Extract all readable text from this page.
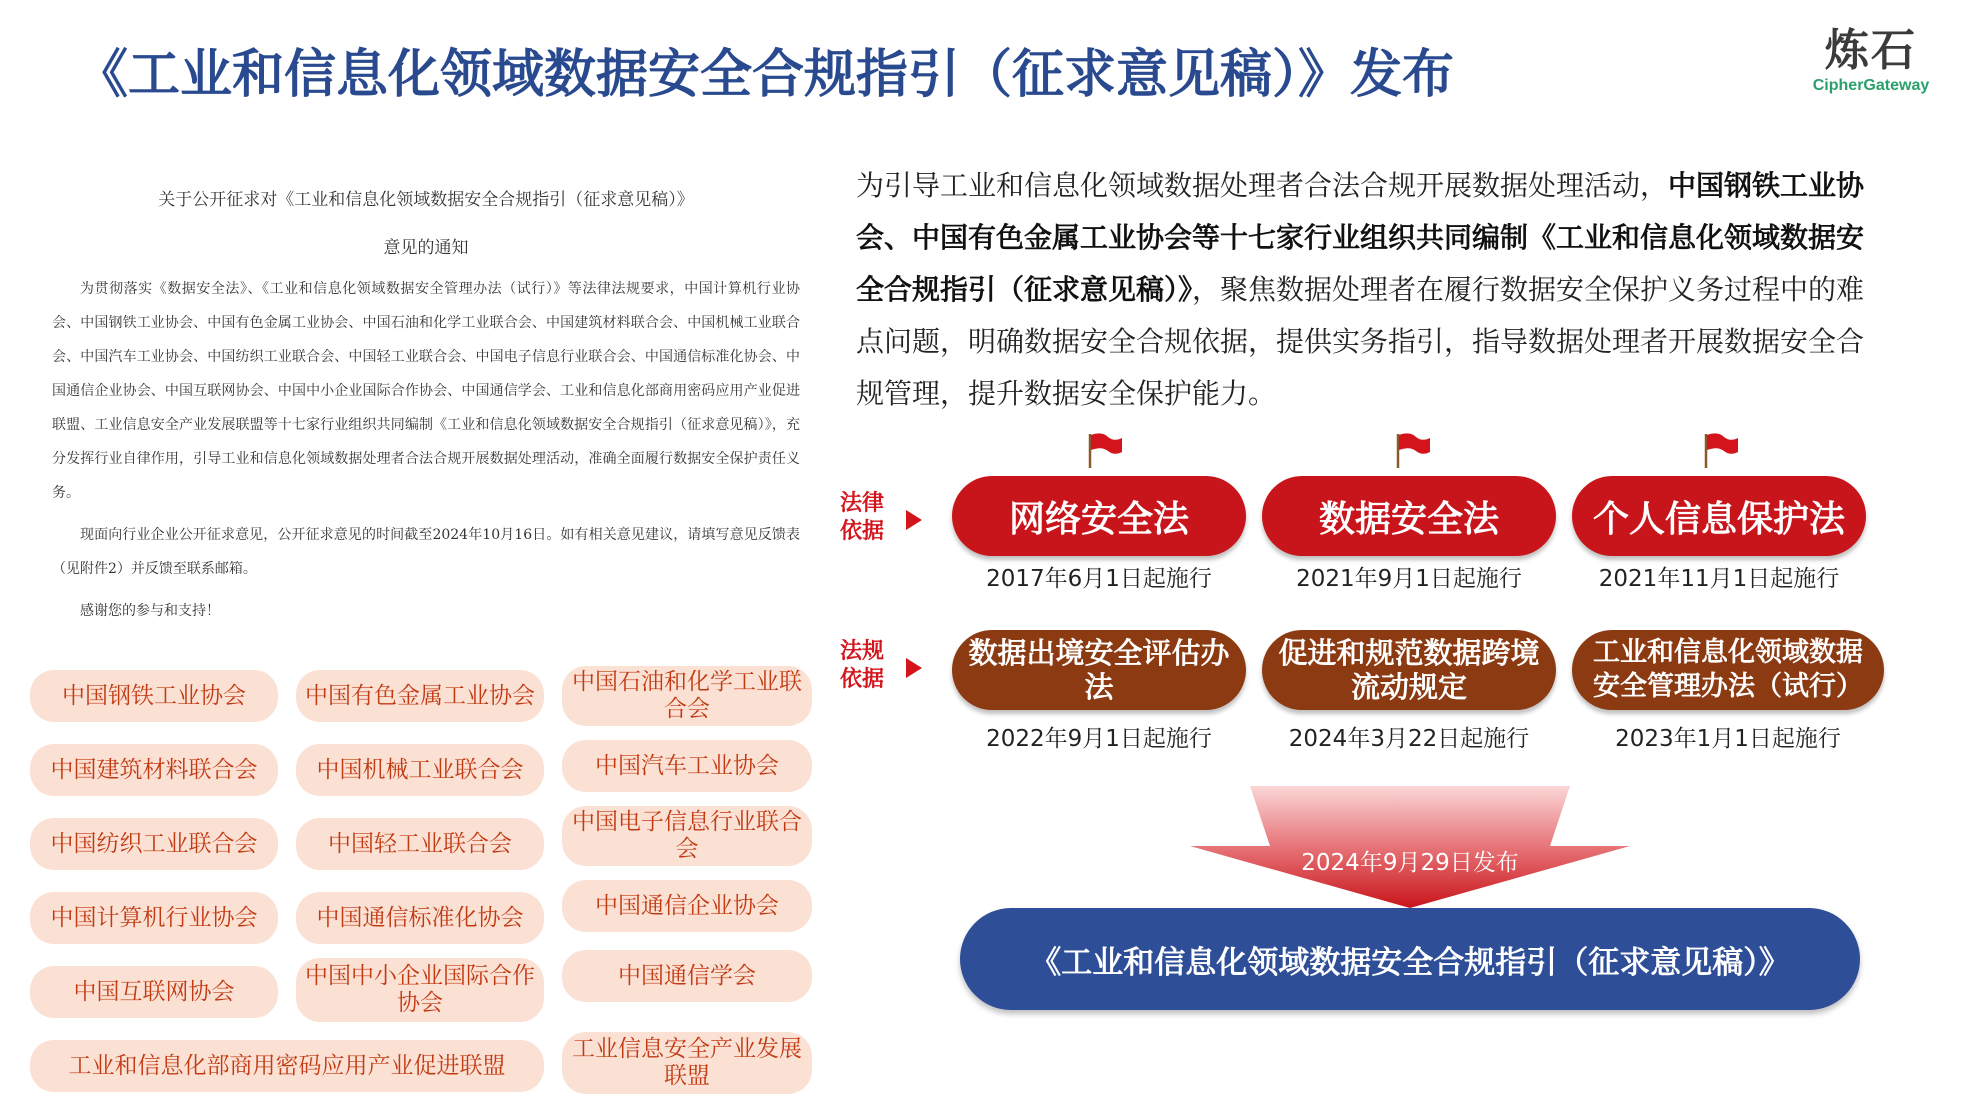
《工业和信息化领域数据安全合规指引（征求意见稿）》发布	炼石
CipherGateway
关于公开征求对《工业和信息化领域数据安全合规指引（征求意见稿）》
意见的通知
为贯彻落实《数据安全法》、《工业和信息化领域数据安全管理办法（试行）》等法律法规要求，中国计算机行业协会、中国钢铁工业协会、中国有色金属工业协会、中国石油和化学工业联合会、中国建筑材料联合会、中国机械工业联合会、中国汽车工业协会、中国纺织工业联合会、中国轻工业联合会、中国电子信息行业联合会、中国通信标准化协会、中国通信企业协会、中国互联网协会、中国中小企业国际合作协会、中国通信学会、工业和信息化部商用密码应用产业促进联盟、工业信息安全产业发展联盟等十七家行业组织共同编制《工业和信息化领域数据安全合规指引（征求意见稿）》，充分发挥行业自律作用，引导工业和信息化领域数据处理者合法合规开展数据处理活动，准确全面履行数据安全保护责任义务。
现面向行业企业公开征求意见，公开征求意见的时间截至2024年10月16日。如有相关意见建议，请填写意见反馈表（见附件2）并反馈至联系邮箱。
感谢您的参与和支持！
中国钢铁工业协会	中国有色金属工业协会
中国石油和化学工业联合会
中国建筑材料联合会	中国机械工业联合会	中国汽车工业协会
中国纺织工业联合会	中国轻工业联合会
中国电子信息行业联合会
中国计算机行业协会	中国通信标准化协会	中国通信企业协会
中国互联网协会
中国中小企业国际合作协会
中国通信学会
工业和信息化部商用密码应用产业促进联盟
工业信息安全产业发展联盟
为引导工业和信息化领域数据处理者合法合规开展数据处理活动，中国钢铁工业协会、中国有色金属工业协会等十七家行业组织共同编制《工业和信息化领域数据安全合规指引（征求意见稿）》，聚焦数据处理者在履行数据安全保护义务过程中的难点问题，明确数据安全合规依据，提供实务指引，指导数据处理者开展数据安全合规管理，提升数据安全保护能力。
法律
依据	网络安全法	数据安全法	个人信息保护法
2017年6月1日起施行	2021年9月1日起施行	2021年11月1日起施行
法规
依据
数据出境安全评估办法
促进和规范数据跨境流动规定
工业和信息化领域数据安全管理办法（试行）
2022年9月1日起施行	2024年3月22日起施行	2023年1月1日起施行
2024年9月29日发布
《工业和信息化领域数据安全合规指引（征求意见稿）》
